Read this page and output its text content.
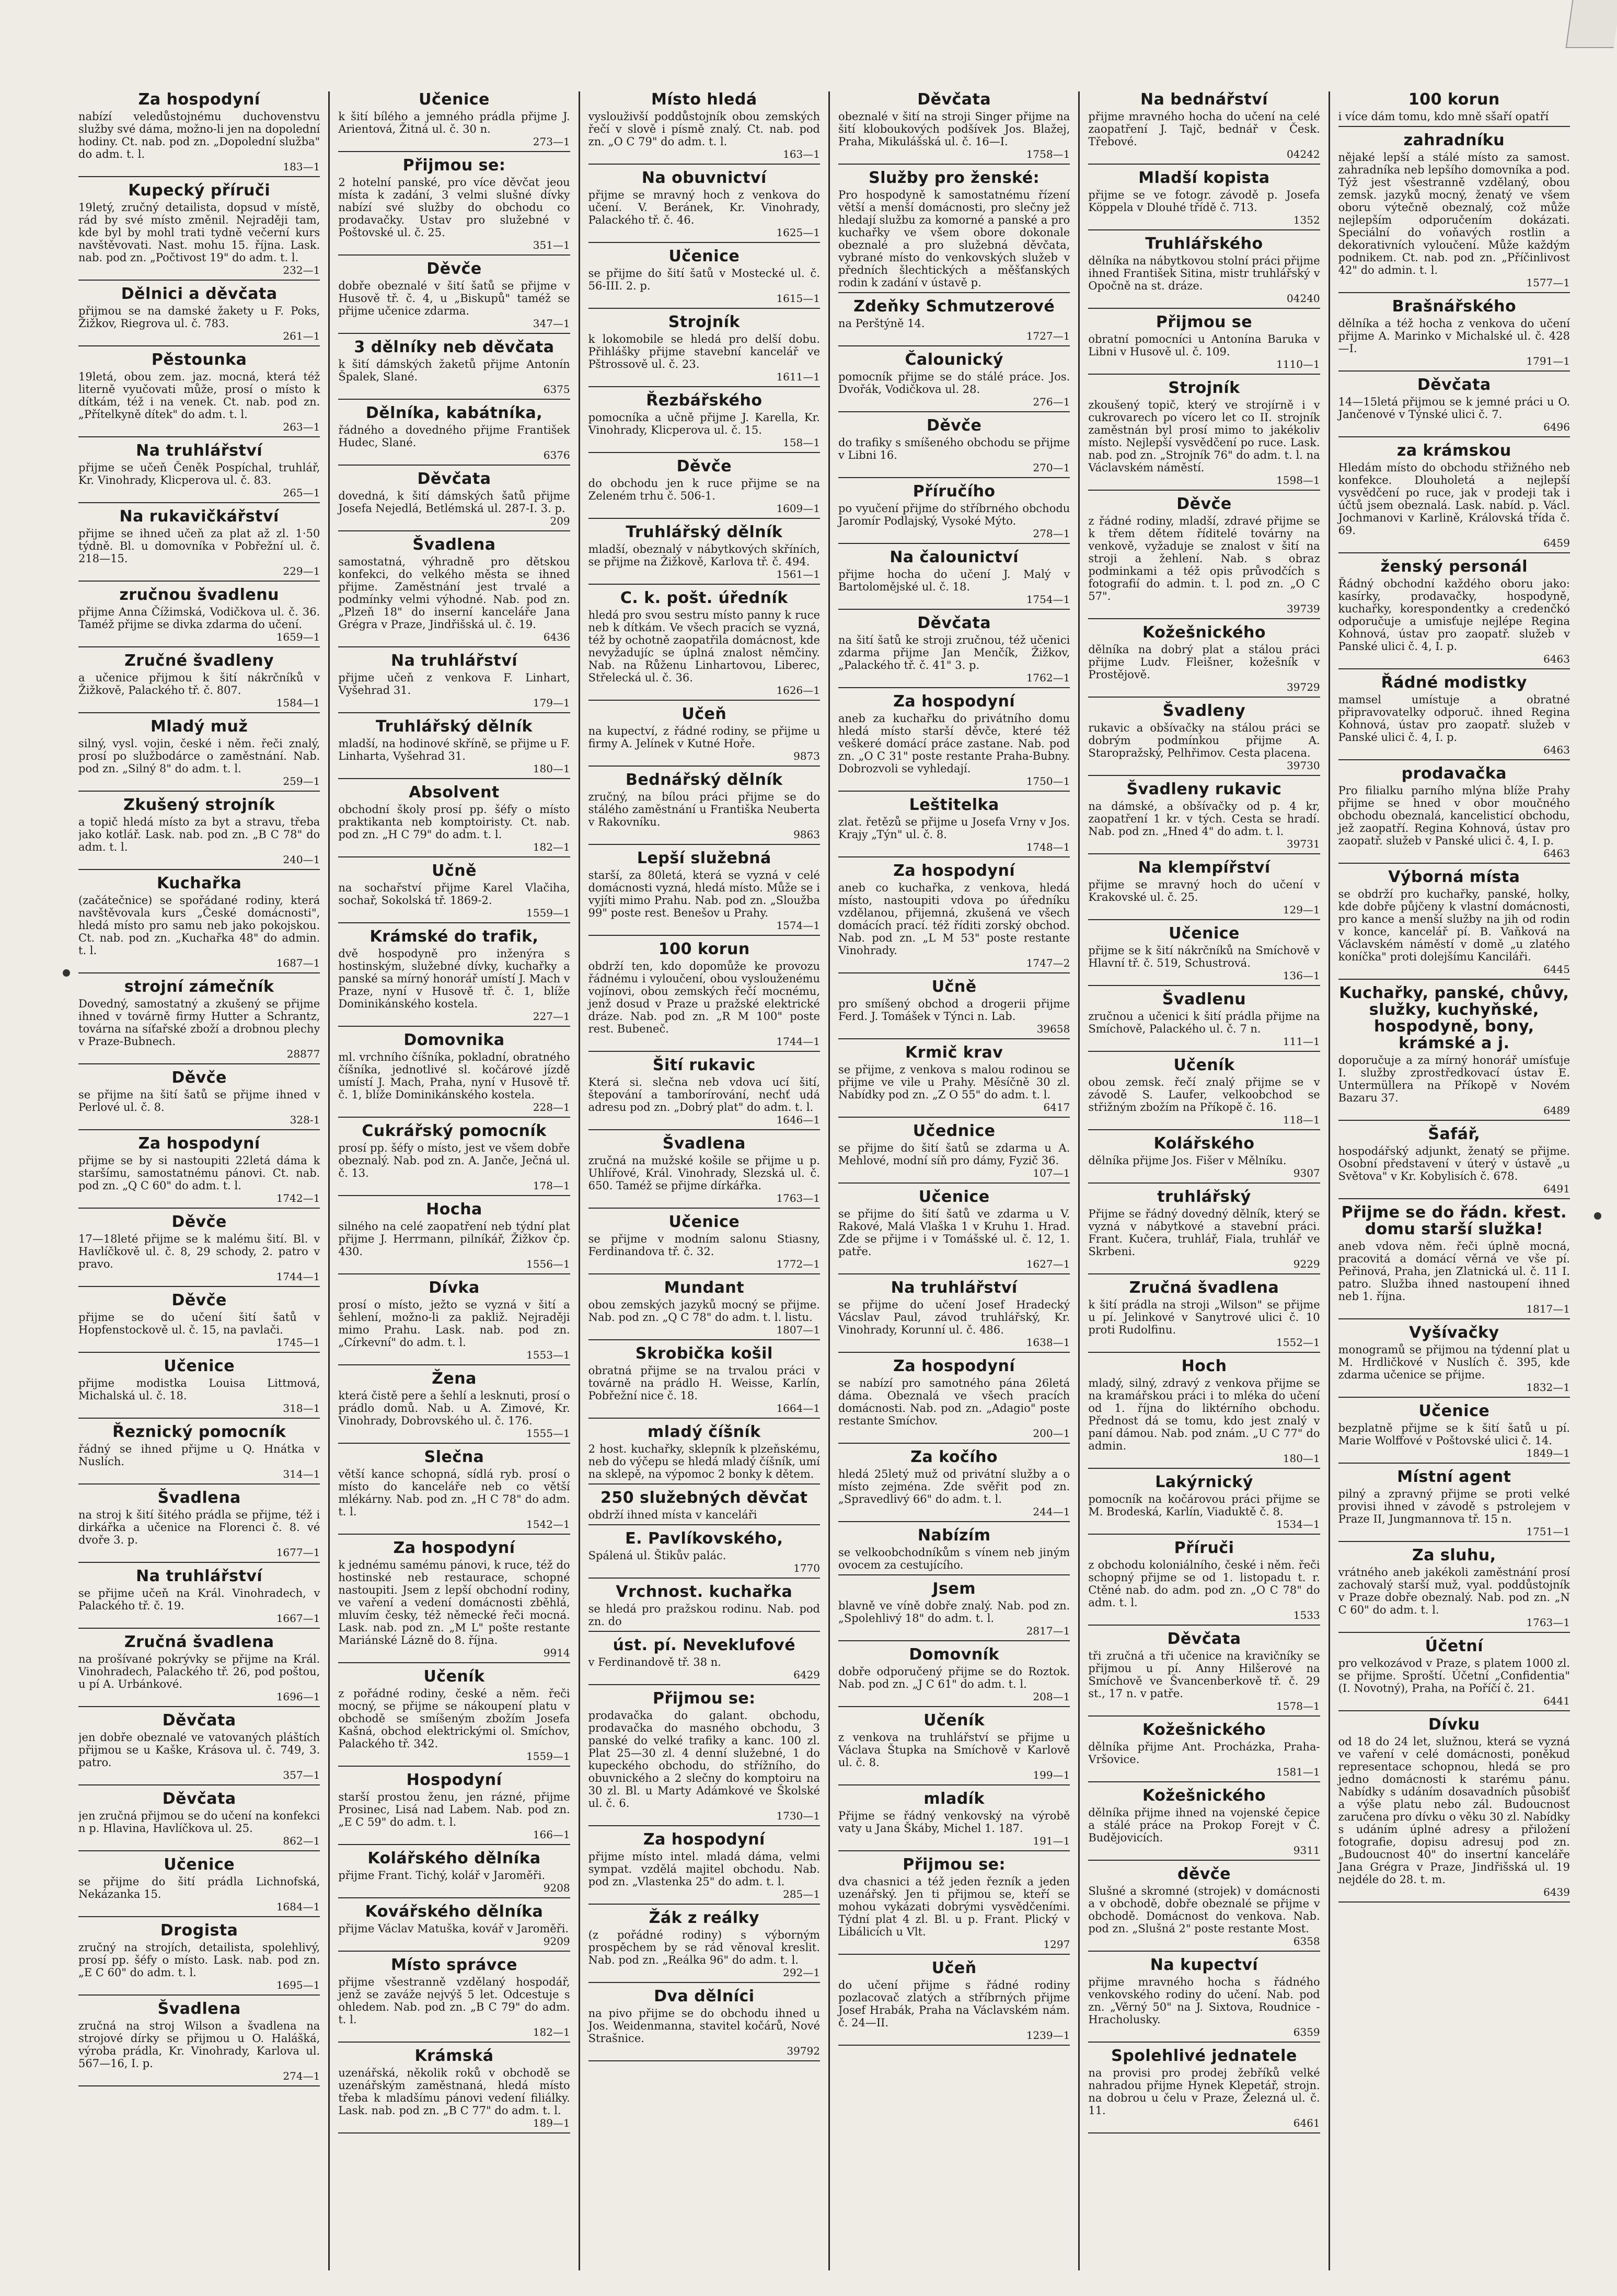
Za hospodyní

nabízí veledůstojnému duchovenstvu služby své dáma, možno-li jen na dopolední hodiny. Ct. nab. pod zn. „Dopolední služba" do adm. t. l.

183—1

Kupecký příruči

19letý, zručný detailista, dopsud v místě, rád by své místo změnil. Nejraději tam, kde byl by mohl trati tydně večerní kurs navštěvovati. Nast. mohu 15. října. Lask. nab. pod zn. „Počtivost 19" do adm. t. l.

232—1

Dělnici a děvčata

přijmou se na damské žakety u F. Poks, Žižkov, Riegrova ul. č. 783.

261—1

Pěstounka

19letá, obou zem. jaz. mocná, která též literně vyučovati může, prosí o místo k dítkám, též i na venek. Ct. nab. pod zn. „Přítelkyně dítek" do adm. t. l.

263—1

Na truhlářství

přijme se učeň Čeněk Pospíchal, truhlář, Kr. Vinohrady, Klicperova ul. č. 83.

265—1

Na rukavičkářství

přijme se ihned učeň za plat až zl. 1·50 týdně. Bl. u domovníka v Pobřežní ul. č. 218—15.

229—1

zručnou švadlenu

přijme Anna Čížimská, Vodičkova ul. č. 36. Taméž přijme se divka zdarma do učení.

1659—1

Zručné švadleny

a učenice přijmou k šití nákrčníků v Žižkově, Palackého tř. č. 807.

1584—1

Mladý muž

silný, vysl. vojin, české i něm. řeči znalý, prosí po službodárce o zaměstnání. Nab. pod zn. „Silný 8" do adm. t. l.

259—1

Zkušený strojník

a topič hledá místo za byt a stravu, třeba jako kotlář. Lask. nab. pod zn. „B C 78" do adm. t. l.

240—1

Kuchařka

(začátečnice) se spořádané rodiny, která navštěvovala kurs „České domácnosti", hledá místo pro samu neb jako pokojskou. Ct. nab. pod zn. „Kuchařka 48" do admin. t. l.

1687—1

strojní zámečník

Dovedný, samostatný a zkušený se přijme ihned v továrně firmy Hutter a Schrantz, továrna na síťařské zboží a drobnou plechy v Praze-Bubnech.

28877

Děvče

se přijme na šití šatů se přijme ihned v Perlové ul. č. 8.

328-1

Za hospodyní

přijme se by si nastoupiti 22letá dáma k staršímu, samostatnému pánovi. Ct. nab. pod zn. „Q C 60" do adm. t. l.

1742—1

Děvče

17—18leté přijme se k malému šití. Bl. v Havlíčkově ul. č. 8, 29 schody, 2. patro v pravo.

1744—1

Děvče

přijme se do učení šití šatů v Hopfenstockově ul. č. 15, na pavlači.

1745—1

Učenice

přijme modistka Louisa Littmová, Michalská ul. č. 18.

318—1

Řeznický pomocník

řádný se ihned přijme u Q. Hnátka v Nuslích.

314—1

Švadlena

na stroj k šití šitého prádla se přijme, též i dirkářka a učenice na Florenci č. 8. vé dvoře 3. p.

1677—1

Na truhlářství

se přijme učeň na Král. Vinohradech, v Palackého tř. č. 19.

1667—1

Zručná švadlena

na prošívané pokrývky se přijme na Král. Vinohradech, Palackého tř. 26, pod poštou, u pí A. Urbánkové.

1696—1

Děvčata

jen dobře obeznalé ve vatovaných pláštích přijmou se u Kaške, Krásova ul. č. 749, 3. patro.

357—1

Děvčata

jen zručná přijmou se do učení na konfekci n p. Hlavina, Havlíčkova ul. 25.

862—1

Učenice

se přijme do šití prádla Lichnofská, Nekázanka 15.

1684—1

Drogista

zručný na strojích, detailista, spolehlivý, prosí pp. šéfy o místo. Lask. nab. pod zn. „E C 60" do adm. t. l.

1695—1

Švadlena

zručná na stroj Wilson a švadlena na strojové dírky se přijmou u O. Halášká, výroba prádla, Kr. Vinohrady, Karlova ul. 567—16, I. p.

274—1

Učenice

k šití bílého a jemného prádla přijme J. Arientová, Žitná ul. č. 30 n.

273—1

Přijmou se:

2 hotelní panské, pro více děvčat jeou místa k zadání, 3 velmi slušné dívky nabízí své služby do obchodu co prodavačky. Ustav pro služebné v Poštovské ul. č. 25.

351—1

Děvče

dobře obeznalé v šití šatů se přijme v Husově tř. č. 4, u „Biskupů" taméž se přijme učenice zdarma.

347—1

3 dělníky neb děvčata

k šití dámských žaketů přijme Antonín Špalek, Slané.

6375

Dělníka, kabátníka,

řádného a dovedného přijme František Hudec, Slané.

6376

Děvčata

dovedná, k šití dámských šatů přijme Josefa Nejedlá, Betlémská ul. 287-I. 3. p.

209

Švadlena

samostatná, výhradně pro dětskou konfekci, do velkého města se ihned přijme. Zaměstnání jest trvalé a podmínky velmi výhodné. Nab. pod zn. „Plzeň 18" do inserní kanceláře Jana Grégra v Praze, Jindřišská ul. č. 19.

6436

Na truhlářství

přijme učeň z venkova F. Linhart, Vyšehrad 31.

179—1

Truhlářský dělník

mladší, na hodinové skříně, se přijme u F. Linharta, Vyšehrad 31.

180—1

Absolvent

obchodní školy prosí pp. šéfy o místo praktikanta neb komptoiristy. Ct. nab. pod zn. „H C 79" do adm. t. l.

182—1

Učně

na sochařství přijme Karel Vlačiha, sochař, Sokolská tř. 1869-2.

1559—1

Krámské do trafik,

dvě hospodyně pro inženýra s hostinským, služebné dívky, kuchařky a panské sa mírný honorář umístí J. Mach v Praze, nyní v Husově tř. č. 1, blíže Dominikánského kostela.

227—1

Domovnika

ml. vrchního číšníka, pokladní, obratného číšníka, jednotlivé sl. kočárové jízdě umístí J. Mach, Praha, nyní v Husově tř. č. 1, blíže Dominikánského kostela.

228—1

Cukrářský pomocník

prosí pp. šéfy o místo, jest ve všem dobře obeznalý. Nab. pod zn. A. Janče, Ječná ul. č. 13.

178—1

Hocha

silného na celé zaopatření neb týdní plat přijme J. Herrmann, pilníkář, Žižkov čp. 430.

1556—1

Dívka

prosí o místo, ježto se vyzná v šití a šehlení, možno-li za pakliž. Nejraději mimo Prahu. Lask. nab. pod zn. „Církevní" do adm. t. l.

1553—1

Žena

která čistě pere a šehlí a lesknuti, prosí o prádlo domů. Nab. u A. Zimové, Kr. Vinohrady, Dobrovského ul. č. 176.

1555—1

Slečna

větší kance schopná, sídlá ryb. prosí o místo do kanceláře neb co větší mlékárny. Nab. pod zn. „H C 78" do adm. t. l.

1542—1

Za hospodyní

k jednému samému pánovi, k ruce, též do hostinské neb restaurace, schopné nastoupiti. Jsem z lepší obchodní rodiny, ve vaření a vedení domácnosti zběhlá, mluvím česky, též německé řeči mocná. Lask. nab. pod zn. „M L" pošte restante Mariánské Lázně do 8. října.

9914

Učeník

z pořádné rodiny, české a něm. řeči mocný, se přijme se nákoupení platu v obchodě se smíšeným zbožím Josefa Kašná, obchod elektrickými ol. Smíchov, Palackého tř. 342.

1559—1

Hospodyní

starší prostou ženu, jen rázné, přijme Prosinec, Lisá nad Labem. Nab. pod zn. „E C 59" do adm. t. l.

166—1

Kolářského dělníka

přijme Frant. Tichý, kolář v Jaroměři.

9208

Kovářského dělníka

přijme Václav Matuška, kovář v Jaroměři.

9209

Místo správce

přijme všestranně vzdělaný hospodář, jenž se zaváže nejvýš 5 let. Odcestuje s ohledem. Nab. pod zn. „B C 79" do adm. t. l.

182—1

Krámská

uzenářská, několik roků v obchodě se uzenářským zaměstnaná, hledá místo třeba k mladšímu pánovi vedení filiálky. Lask. nab. pod zn. „B C 77" do adm. t. l.

189—1

Místo hledá

vyslouživší poddůstojník obou zemských řečí v slově i písmě znalý. Ct. nab. pod zn. „O C 79" do adm. t. l.

163—1

Na obuvnictví

přijme se mravný hoch z venkova do učení. V. Beránek, Kr. Vinohrady, Palackého tř. č. 46.

1625—1

Učenice

se přijme do šití šatů v Mostecké ul. č. 56-III. 2. p.

1615—1

Strojník

k lokomobile se hledá pro delší dobu. Přihlášky přijme stavební kancelář ve Pštrossově ul. č. 23.

1611—1

Řezbářského

pomocníka a učně přijme J. Karella, Kr. Vinohrady, Klicperova ul. č. 15.

158—1

Děvče

do obchodu jen k ruce přijme se na Zeleném trhu č. 506-1.

1609—1

Truhlářský dělník

mladší, obeznalý v nábytkových skříních, se přijme na Žižkově, Karlova tř. č. 494.

1561—1

C. k. pošt. úředník

hledá pro svou sestru místo panny k ruce neb k dítkám. Ve všech pracích se vyzná, též by ochotně zaopatřila domácnost, kde nevyžadujíc se úplná znalost němčiny. Nab. na Růženu Linhartovou, Liberec, Střelecká ul. č. 36.

1626—1

Učeň

na kupectví, z řádné rodiny, se přijme u firmy A. Jelínek v Kutné Hoře.

9873

Bednářský dělník

zručný, na bílou práci přijme se do stálého zaměstnání u Františka Neuberta v Rakovníku.

9863

Lepší služebná

starší, za 80letá, která se vyzná v celé domácnosti vyzná, hledá místo. Může se i vyjíti mimo Prahu. Nab. pod zn. „Sloužba 99" poste rest. Benešov u Prahy.

1574—1

100 korun

obdrží ten, kdo dopomůže ke provozu řádnému i vyloučení, obou vyslouženému vojínovi, obou zemských řečí mocnému, jenž dosud v Praze u pražské elektrické dráze. Nab. pod zn. „R M 100" poste rest. Bubeneč.

1744—1

Šití rukavic

Která si. slečna neb vdova ucí šití, štepování a tamborírování, nechť udá adresu pod zn. „Dobrý plat" do adm. t. l.

1646—1

Švadlena

zručná na mužské košile se přijme u p. Uhlířové, Král. Vinohrady, Slezská ul. č. 650. Taméž se přijme dírkářka.

1763—1

Učenice

se přijme v modním salonu Stiasny, Ferdinandova tř. č. 32.

1772—1

Mundant

obou zemských jazyků mocný se přijme. Nab. pod zn. „Q C 78" do adm. t. l. listu.

1807—1

Skrobička košil

obratná přijme se na trvalou práci v továrně na prádlo H. Weisse, Karlín, Pobřežní nice č. 18.

1664—1

mladý číšník

2 host. kuchařky, sklepník k plzeňskému, neb do výčepu se hledá mladý číšník, umí na sklepě, na výpomoc 2 bonky k dětem.

250 služebných děvčat

obdrží ihned místa v kanceláři

E. Pavlíkovského,

Spálená ul. Štikův palác.

1770

Vrchnost. kuchařka

se hledá pro pražskou rodinu. Nab. pod zn. do

úst. pí. Neveklufové

v Ferdinandově tř. 38 n.

6429

Přijmou se:

prodavačka do galant. obchodu, prodavačka do masného obchodu, 3 panské do velké trafiky a kanc. 100 zl. Plat 25—30 zl. 4 denní služebné, 1 do kupeckého obchodu, do střížního, do obuvnického a 2 slečny do komptoiru na 30 zl. Bl. u Marty Adámkové ve Školské ul. č. 6.

1730—1

Za hospodyní

přijme místo intel. mladá dáma, velmi sympat. vzdělá majitel obchodu. Nab. pod zn. „Vlastenka 25" do adm. t. l.

285—1

Žák z reálky

(z pořádné rodiny) s výborným prospěchem by se rád věnoval kreslit. Nab. pod zn. „Reálka 96" do adm. t. l.

292—1

Dva dělníci

na pivo přijme se do obchodu ihned u Jos. Weidenmanna, stavitel kočárů, Nové Strašnice.

39792

Děvčata

obeznalé v šití na stroji Singer přijme na šití kloboukových podšívek Jos. Blažej, Praha, Mikulášská ul. č. 16—I.

1758—1

Služby pro ženské:

Pro hospodyně k samostatnému řízení větší a menší domácnosti, pro slečny jež hledají službu za komorné a panské a pro kuchařky ve všem obore dokonale obeznalé a pro služebná děvčata, vybrané místo do venkovských služeb v předních šlechtických a měšťanských rodin k zadání v ústavě p.

Zdeňky Schmutzerové

na Perštýně 14.

1727—1

Čalounický

pomocník přijme se do stálé práce. Jos. Dvořák, Vodičkova ul. 28.

276—1

Děvče

do trafiky s smíšeného obchodu se přijme v Libni 16.

270—1

Příručího

po vyučení přijme do stříbrného obchodu Jaromír Podlajský, Vysoké Mýto.

278—1

Na čalounictví

přijme hocha do učení J. Malý v Bartolomějské ul. č. 18.

1754—1

Děvčata

na šití šatů ke stroji zručnou, též učenici zdarma přijme Jan Menčík, Žižkov, „Palackého tř. č. 41" 3. p.

1762—1

Za hospodyní

aneb za kuchařku do privátního domu hledá místo starší děvče, které též veškeré domácí práce zastane. Nab. pod zn. „O C 31" poste restante Praha-Bubny. Dobrozvoli se vyhledají.

1750—1

Leštitelka

zlat. řetězů se přijme u Josefa Vrny v Jos. Krajy „Týn" ul. č. 8.

1748—1

Za hospodyní

aneb co kuchařka, z venkova, hledá místo, nastoupiti vdova po úředníku vzdělanou, přijemná, zkušená ve všech domácích prací. též říditi zorský obchod. Nab. pod zn. „L M 53" poste restante Vinohrady.

1747—2

Učně

pro smíšený obchod a drogerii přijme Ferd. J. Tomášek v Týnci n. Lab.

39658

Krmič krav

se přijme, z venkova s malou rodinou se přijme ve vile u Prahy. Měsíčně 30 zl. Nabídky pod zn. „Z O 55" do adm. t. l.

6417

Učednice

se přijme do šití šatů se zdarma u A. Mehlové, modní síň pro dámy, Fyzič 36.

107—1

Učenice

se přijme do šití šatů ve zdarma u V. Rakové, Malá Vlaška 1 v Kruhu 1. Hrad. Zde se přijme i v Tomášské ul. č. 12, 1. patře.

1627—1

Na truhlářství

se přijme do učení Josef Hradecký Vácslav Paul, závod truhlářský, Kr. Vinohrady, Korunní ul. č. 486.

1638—1

Za hospodyní

se nabízí pro samotného pána 26letá dáma. Obeznalá ve všech pracích domácnosti. Nab. pod zn. „Adagio" poste restante Smíchov.

200—1

Za kočího

hledá 25letý muž od privátní služby a o místo zejména. Zde svěřit pod zn. „Spravedlivý 66" do adm. t. l.

244—1

Nabízím

se velkoobchodníkům s vínem neb jiným ovocem za cestujícího.

Jsem

blavně ve víně dobře znalý. Nab. pod zn. „Spolehlivý 18" do adm. t. l.

2817—1

Domovník

dobře odporučený přijme se do Roztok. Nab. pod zn. „J C 61" do adm. t. l.

208—1

Učeník

z venkova na truhlářství se přijme u Václava Štupka na Smíchově v Karlově ul. č. 8.

199—1

mladík

Přijme se řádný venkovský na výrobě vaty u Jana Škáby, Michel 1. 187.

191—1

Přijmou se:

dva chasnici a též jeden řezník a jeden uzenářský. Jen ti přijmou se, kteří se mohou vykázati dobrými vysvědčeními. Týdní plat 4 zl. Bl. u p. Frant. Plický v Libálicích u Vlt.

1297

Učeň

do učení přijme s řádné rodiny pozlacovač zlatých a stříbrných přijme Josef Hrabák, Praha na Václavském nám. č. 24—II.

1239—1

Na bednářství

přijme mravného hocha do učení na celé zaopatření J. Tajč, bednář v Česk. Třebové.

04242

Mladší kopista

přijme se ve fotogr. závodě p. Josefa Köppela v Dlouhé třídě č. 713.

1352

Truhlářského

dělníka na nábytkovou stolní práci přijme ihned František Sitina, mistr truhlářský v Opočně na st. dráze.

04240

Přijmou se

obratní pomocníci u Antonína Baruka v Libni v Husově ul. č. 109.

1110—1

Strojník

zkoušený topič, který ve strojírně i v cukrovarech po vícero let co II. strojník zaměstnán byl prosí mimo to jakékoliv místo. Nejlepší vysvědčení po ruce. Lask. nab. pod zn. „Strojník 76" do adm. t. l. na Václavském náměstí.

1598—1

Děvče

z řádné rodiny, mladší, zdravé přijme se k třem dětem říditelé továrny na venkově, vyžaduje se znalost v šití na stroji a žehlení. Nab. s obraz podminkami a též opis průvodčích s fotografií do admin. t. l. pod zn. „O C 57".

39739

Kožešnického

dělníka na dobrý plat a stálou práci přijme Ludv. Fleišner, kožešník v Prostějově.

39729

Švadleny

rukavic a obšívačky na stálou práci se dobrým podmínkou přijme A. Staropražský, Pelhřimov. Cesta placena.

39730

Švadleny rukavic

na dámské, a obšívačky od p. 4 kr, zaopatření 1 kr. v tých. Cesta se hradí. Nab. pod zn. „Hned 4" do adm. t. l.

39731

Na klempířství

přijme se mravný hoch do učení v Krakovské ul. č. 25.

129—1

Učenice

přijme se k šití nákrčníků na Smíchově v Hlavní tř. č. 519, Schustrová.

136—1

Švadlenu

zručnou a učenici k šití prádla přijme na Smíchově, Palackého ul. č. 7 n.

111—1

Učeník

obou zemsk. řečí znalý přijme se v závodě S. Laufer, velkoobchod se střižným zbožím na Příkopě č. 16.

118—1

Kolářského

dělníka přijme Jos. Fišer v Mělníku.

9307

truhlářský

Přijme se řádný dovedný dělník, který se vyzná v nábytkové a stavební práci. Frant. Kučera, truhlář, Fiala, truhlář ve Skrbeni.

9229

Zručná švadlena

k šití prádla na stroji „Wilson" se přijme u pí. Jelinkové v Sanytrové ulici č. 10 proti Rudolfinu.

1552—1

Hoch

mladý, silný, zdravý z venkova přijme se na kramářskou práci i to mléka do učení od 1. října do liktérního obchodu. Přednost dá se tomu, kdo jest znalý v paní dámou. Nab. pod znám. „U C 77" do admin.

180—1

Lakýrnický

pomocník na kočárovou práci přijme se M. Brodeská, Karlín, Viaduktě č. 8.

1534—1

Příruči

z obchodu koloniálního, české i něm. řeči schopný přijme se od 1. listopadu t. r. Ctěné nab. do adm. pod zn. „O C 78" do adm. t. l.

1533

Děvčata

tři zručná a tři učenice na kravičníky se přijmou u pí. Anny Hilšerové na Smíchově ve Švancenberkově tř. č. 29 st., 17 n. v patře.

1578—1

Kožešnického

dělníka přijme Ant. Procházka, Praha-Vršovice.

1581—1

Kožešnického

dělníka přijme ihned na vojenské čepice a stálé práce na Prokop Forejt v Č. Budějovicích.

9311

děvče

Slušné a skromné (strojek) v domácnosti a v obchodě, dobře obeznalé se přijme v obchodě. Domácnost do venkova. Nab. pod zn. „Slušná 2" poste restante Most.

6358

Na kupectví

přijme mravného hocha s řádného venkovského rodiny do učení. Nab. pod zn. „Věrný 50" na J. Sixtova, Roudnice - Hracholusky.

6359

Spolehlivé jednatele

na provisi pro prodej žebříků velké nahradou přijme Hynek Klepetář, strojn. na dobrou u čelu v Praze, Železná ul. č. 11.

6461

100 korun

i více dám tomu, kdo mně sšaří opatří

zahradníku

nějaké lepší a stálé místo za samost. zahradníka neb lepšího domovníka a pod. Týž jest všestranně vzdělaný, obou zemsk. jazyků mocný, ženatý ve všem oboru výtečně obeznalý, což může nejlepším odporučením dokázati. Speciální do voňavých rostlin a dekorativních vyloučení. Může každým podnikem. Ct. nab. pod zn. „Příčinlivost 42" do admin. t. l.

1577—1

Brašnářského

dělníka a též hocha z venkova do učení přijme A. Marinko v Michalské ul. č. 428—I.

1791—1

Děvčata

14—15letá přijmou se k jemné práci u O. Jančenové v Týnské ulici č. 7.

6496

za krámskou

Hledám místo do obchodu střižného neb konfekce. Dlouholetá a nejlepší vysvědčení po ruce, jak v prodeji tak i účtů jsem obeznalá. Lask. nabíd. p. Václ. Jochmanovi v Karlině, Královská třída č. 69.

6459

ženský personál

Řádný obchodní každého oboru jako: kasírky, prodavačky, hospodyně, kuchařky, korespondentky a credenčkó odporučuje a umisťuje nejlépe Regina Kohnová, ústav pro zaopatř. služeb v Panské ulici č. 4, I. p.

6463

Řádné modistky

mamsel umístuje a obratné připravovatelky odporuč. ihned Regina Kohnová, ústav pro zaopatř. služeb v Panské ulici č. 4, I. p.

6463

prodavačka

Pro filialku parního mlýna blíže Prahy přijme se hned v obor moučného obchodu obeznalá, kancelisticí obchodu, jež zaopatří. Regina Kohnová, ústav pro zaopatř. služeb v Panské ulici č. 4, I. p.

6463

Výborná místa

se obdrží pro kuchařky, panské, holky, kde dobře půjčeny k vlastní domácnosti, pro kance a menší služby na jih od rodin v konce, kancelář pí. B. Vaňková na Václavském náměstí v domě „u zlatého koníčka" proti dolejšímu Kanciláři.

6445

Kuchařky, panské, chůvy, služky, kuchyňské, hospodyně, bony, krámské a j.

doporučuje a za mírný honorář umísťuje I. služby zprostředkovací ústav E. Untermüllera na Příkopě v Novém Bazaru 37.

6489

Šafář,

hospodářský adjunkt, ženatý se přijme. Osobní představení v úterý v ústavě „u Světova" v Kr. Kobylisích č. 678.

6491

Přijme se do řádn. křest. domu starší služka!

aneb vdova něm. řeči úplně mocná, pracovitá a domácí věrná ve vše pí. Peřinová, Praha, jen Zlatnická ul. č. 11 I. patro. Služba ihned nastoupení ihned neb 1. října.

1817—1

Vyšívačky

monogramů se přijmou na týdenní plat u M. Hrdličkové v Nuslích č. 395, kde zdarma učenice se přijme.

1832—1

Učenice

bezplatně přijme se k šití šatů u pí. Marie Wolffové v Poštovské ulici č. 14.

1849—1

Místní agent

pilný a zpravný přijme se proti velké provisi ihned v závodě s pstrolejem v Praze II, Jungmannova tř. 15 n.

1751—1

Za sluhu,

vrátného aneb jakékoli zaměstnání prosí zachovalý starší muž, vyal. poddůstojník v Praze dobře obeznalý. Nab. pod zn. „N C 60" do adm. t. l.

1763—1

Účetní

pro velkozávod v Praze, s platem 1000 zl. se přijme. Sproští. Účetní „Confidentia" (I. Novotný), Praha, na Poříčí č. 21.

6441

Dívku

od 18 do 24 let, služnou, která se vyzná ve vaření v celé domácnosti, poněkud representace schopnou, hledá se pro jedno domácnosti k starému pánu. Nabídky s udáním dosavadních působišť a výše platu nebo zál. Budoucnost zaručena pro dívku o věku 30 zl. Nabídky s udáním úplné adresy a přiložení fotografie, dopisu adresuj pod zn. „Budoucnost 40" do insertní kanceláře Jana Grégra v Praze, Jindřišská ul. 19 nejdéle do 28. t. m.

6439
